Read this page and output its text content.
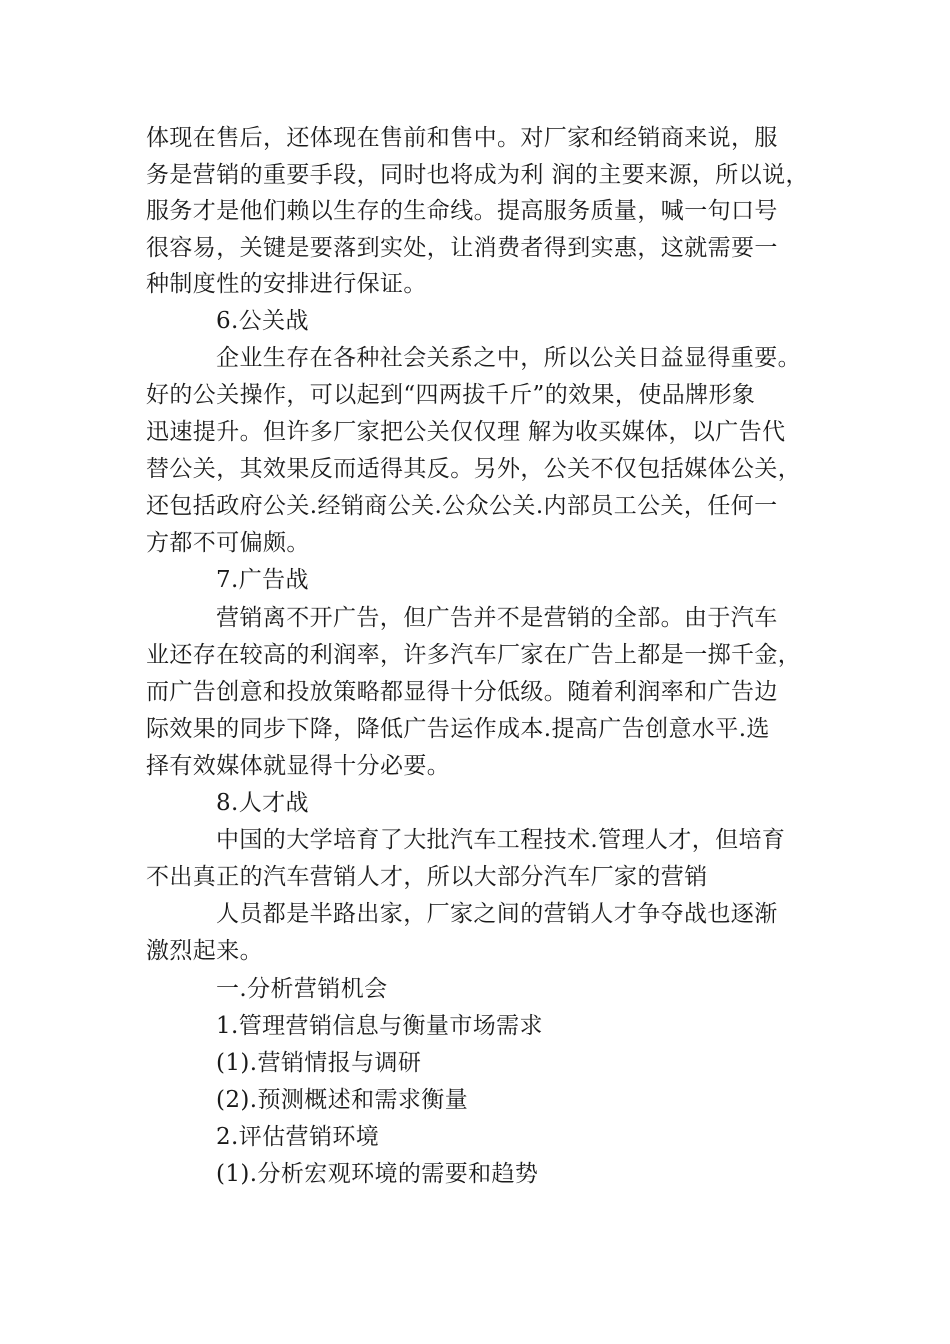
体现在售后，还体现在售前和售中。对厂家和经销商来说，服
务是营销的重要手段，同时也将成为利 润的主要来源，所以说，
服务才是他们赖以生存的生命线。提高服务质量，喊一句口号
很容易，关键是要落到实处，让消费者得到实惠，这就需要一
种制度性的安排进行保证。
6.公关战
企业生存在各种社会关系之中，所以公关日益显得重要。
好的公关操作，可以起到“四两拔千斤”的效果，使品牌形象
迅速提升。但许多厂家把公关仅仅理 解为收买媒体，以广告代
替公关，其效果反而适得其反。另外，公关不仅包括媒体公关，
还包括政府公关.经销商公关.公众公关.内部员工公关，任何一
方都不可偏颇。
7.广告战
营销离不开广告，但广告并不是营销的全部。由于汽车
业还存在较高的利润率，许多汽车厂家在广告上都是一掷千金，
而广告创意和投放策略都显得十分低级。随着利润率和广告边
际效果的同步下降，降低广告运作成本.提高广告创意水平.选
择有效媒体就显得十分必要。
8.人才战
中国的大学培育了大批汽车工程技术.管理人才，但培育
不出真正的汽车营销人才，所以大部分汽车厂家的营销
人员都是半路出家，厂家之间的营销人才争夺战也逐渐
激烈起来。
一.分析营销机会
1.管理营销信息与衡量市场需求
(1).营销情报与调研
(2).预测概述和需求衡量
2.评估营销环境
(1).分析宏观环境的需要和趋势
